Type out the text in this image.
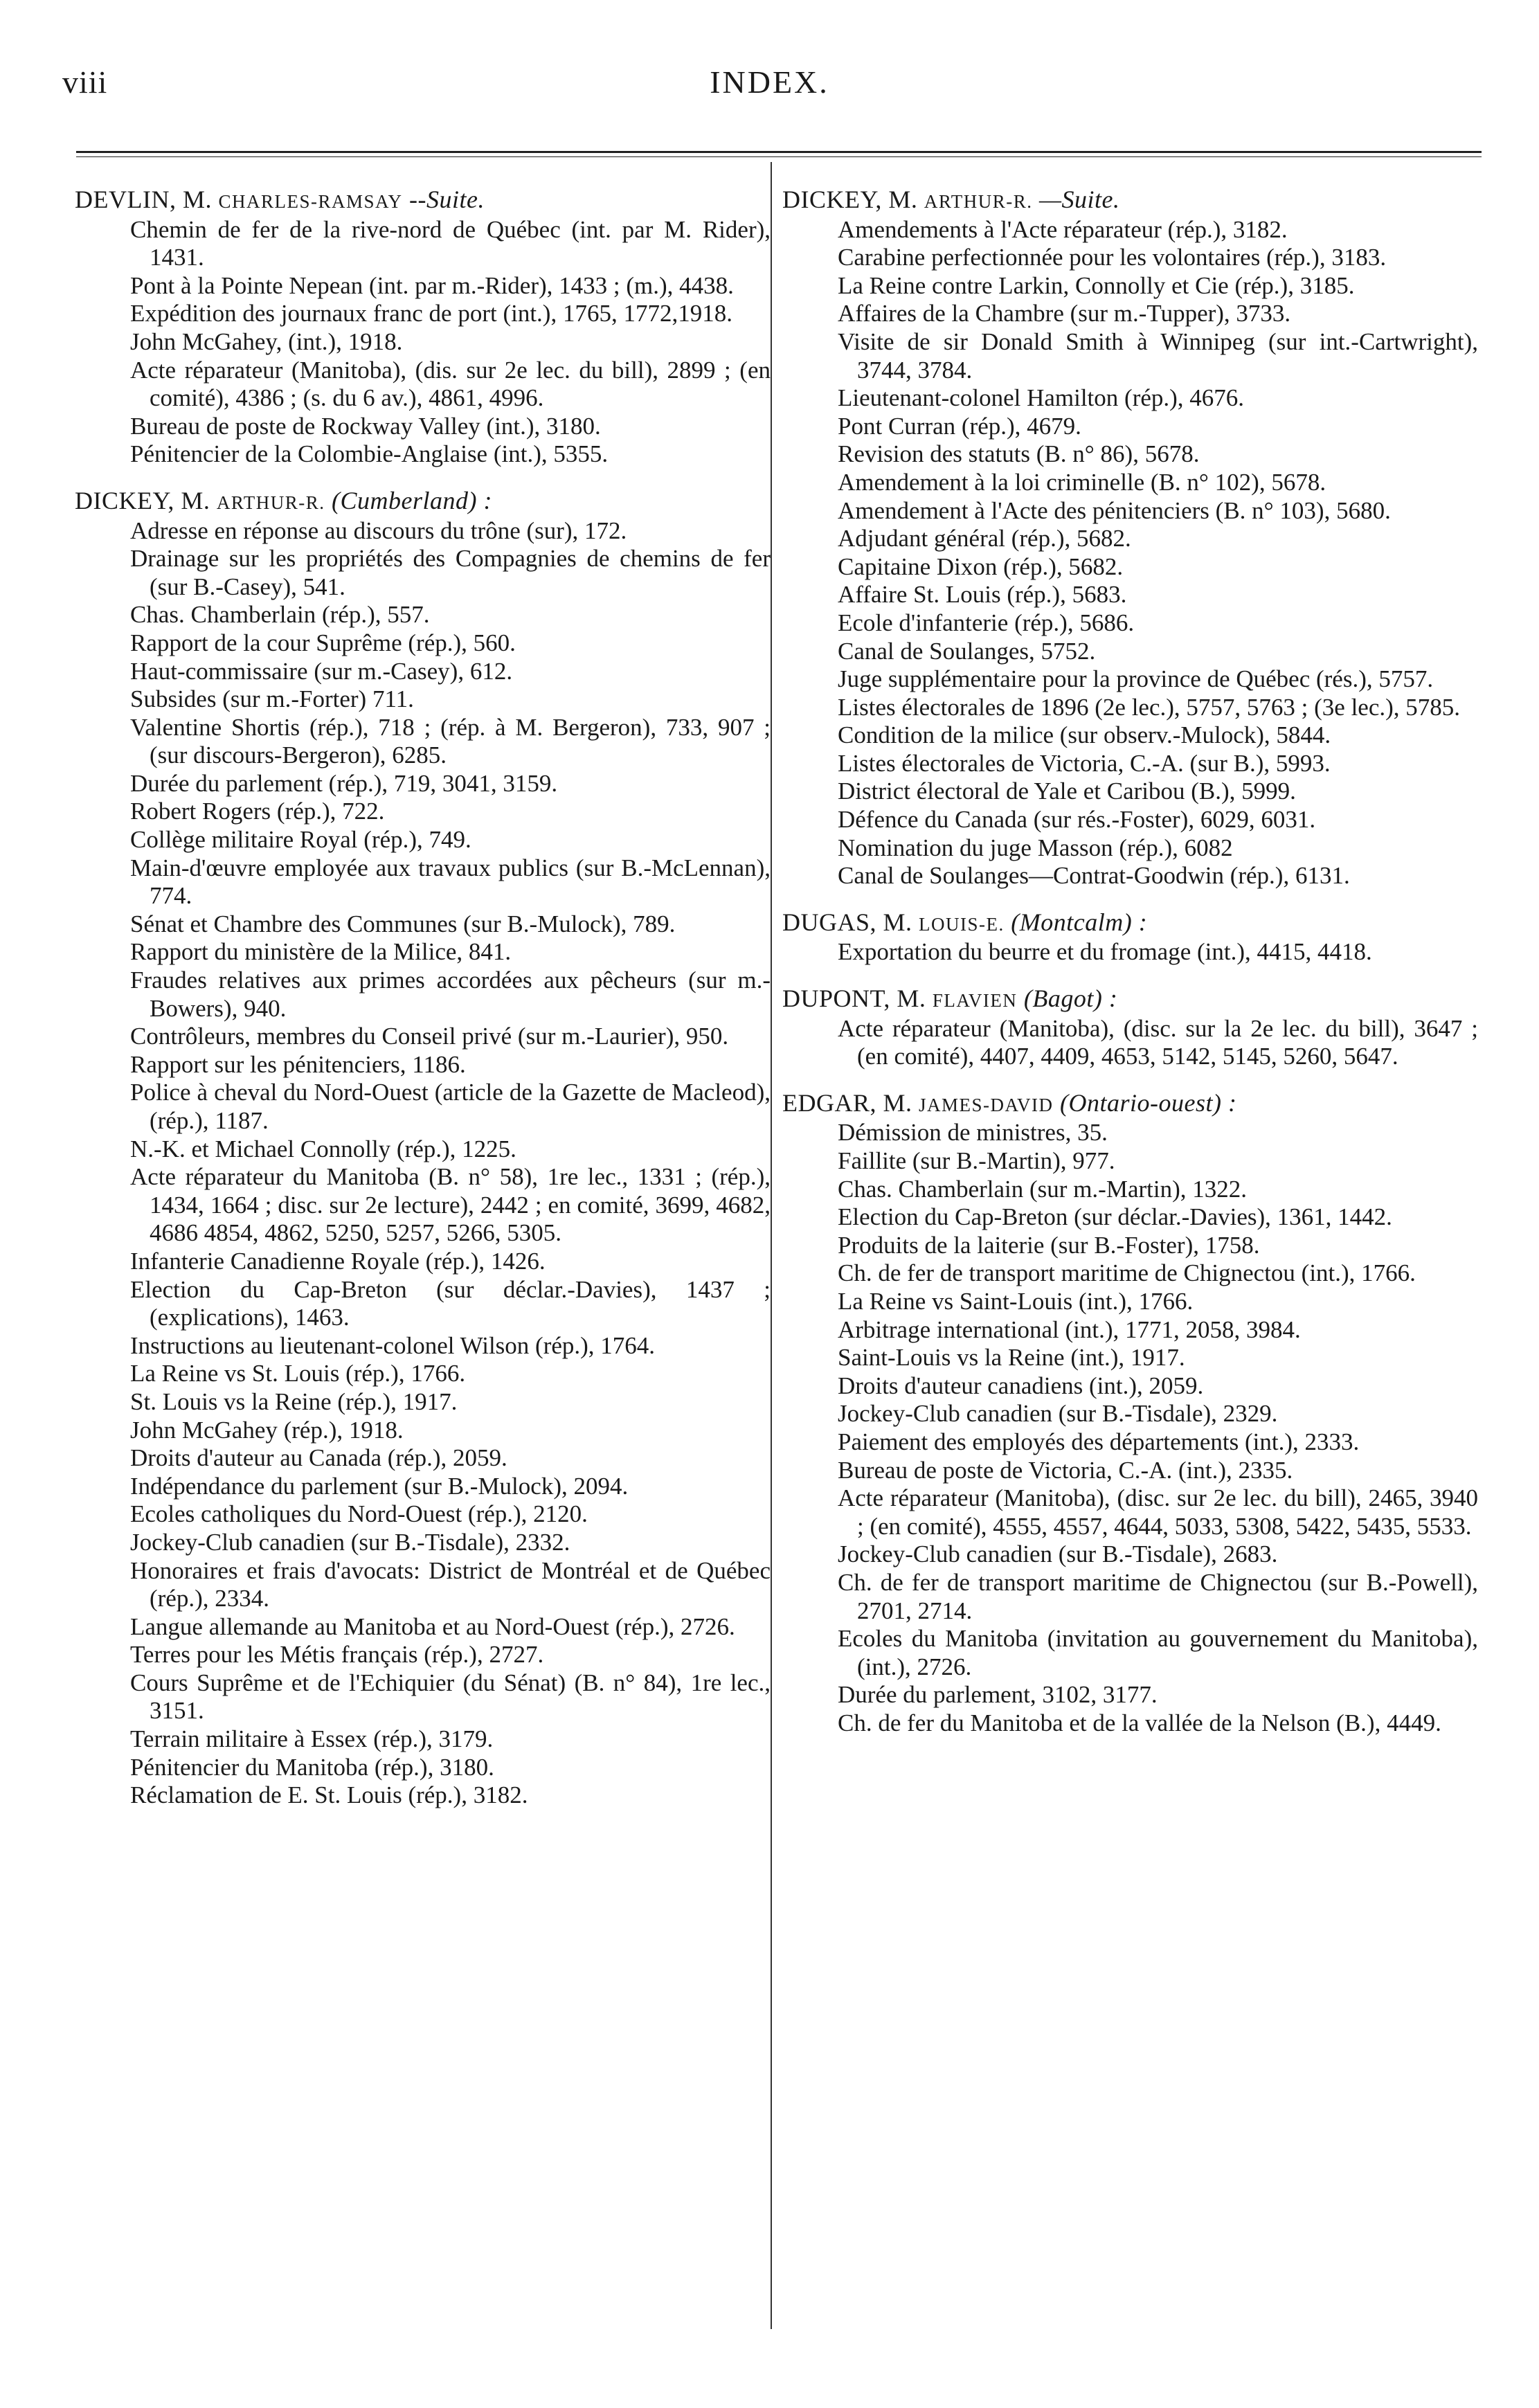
viii	INDEX.
DEVLIN, M. CHARLES-RAMSAY --Suite.
Chemin de fer de la rive-nord de Québec (int. par M. Rider), 1431.
Pont à la Pointe Nepean (int. par m.-Rider), 1433 ; (m.), 4438.
Expédition des journaux franc de port (int.), 1765, 1772,1918.
John McGahey, (int.), 1918.
Acte réparateur (Manitoba), (dis. sur 2e lec. du bill), 2899 ; (en comité), 4386 ; (s. du 6 av.), 4861, 4996.
Bureau de poste de Rockway Valley (int.), 3180.
Pénitencier de la Colombie-Anglaise (int.), 5355.
DICKEY, M. ARTHUR-R. (Cumberland) :
Adresse en réponse au discours du trône (sur), 172.
Drainage sur les propriétés des Compagnies de chemins de fer (sur B.-Casey), 541.
Chas. Chamberlain (rép.), 557.
Rapport de la cour Suprême (rép.), 560.
Haut-commissaire (sur m.-Casey), 612.
Subsides (sur m.-Forter) 711.
Valentine Shortis (rép.), 718 ; (rép. à M. Bergeron), 733, 907 ; (sur discours-Bergeron), 6285.
Durée du parlement (rép.), 719, 3041, 3159.
Robert Rogers (rép.), 722.
Collège militaire Royal (rép.), 749.
Main-d'œuvre employée aux travaux publics (sur B.-McLennan), 774.
Sénat et Chambre des Communes (sur B.-Mulock), 789.
Rapport du ministère de la Milice, 841.
Fraudes relatives aux primes accordées aux pêcheurs (sur m.-Bowers), 940.
Contrôleurs, membres du Conseil privé (sur m.-Laurier), 950.
Rapport sur les pénitenciers, 1186.
Police à cheval du Nord-Ouest (article de la Gazette de Macleod), (rép.), 1187.
N.-K. et Michael Connolly (rép.), 1225.
Acte réparateur du Manitoba (B. n° 58), 1re lec., 1331 ; (rép.), 1434, 1664 ; disc. sur 2e lecture), 2442 ; en comité, 3699, 4682, 4686 4854, 4862, 5250, 5257, 5266, 5305.
Infanterie Canadienne Royale (rép.), 1426.
Election du Cap-Breton (sur déclar.-Davies), 1437 ; (explications), 1463.
Instructions au lieutenant-colonel Wilson (rép.), 1764.
La Reine vs St. Louis (rép.), 1766.
St. Louis vs la Reine (rép.), 1917.
John McGahey (rép.), 1918.
Droits d'auteur au Canada (rép.), 2059.
Indépendance du parlement (sur B.-Mulock), 2094.
Ecoles catholiques du Nord-Ouest (rép.), 2120.
Jockey-Club canadien (sur B.-Tisdale), 2332.
Honoraires et frais d'avocats: District de Montréal et de Québec (rép.), 2334.
Langue allemande au Manitoba et au Nord-Ouest (rép.), 2726.
Terres pour les Métis français (rép.), 2727.
Cours Suprême et de l'Echiquier (du Sénat) (B. n° 84), 1re lec., 3151.
Terrain militaire à Essex (rép.), 3179.
Pénitencier du Manitoba (rép.), 3180.
Réclamation de E. St. Louis (rép.), 3182.
DICKEY, M. ARTHUR-R. —Suite.
Amendements à l'Acte réparateur (rép.), 3182.
Carabine perfectionnée pour les volontaires (rép.), 3183.
La Reine contre Larkin, Connolly et Cie (rép.), 3185.
Affaires de la Chambre (sur m.-Tupper), 3733.
Visite de sir Donald Smith à Winnipeg (sur int.-Cartwright), 3744, 3784.
Lieutenant-colonel Hamilton (rép.), 4676.
Pont Curran (rép.), 4679.
Revision des statuts (B. n° 86), 5678.
Amendement à la loi criminelle (B. n° 102), 5678.
Amendement à l'Acte des pénitenciers (B. n° 103), 5680.
Adjudant général (rép.), 5682.
Capitaine Dixon (rép.), 5682.
Affaire St. Louis (rép.), 5683.
Ecole d'infanterie (rép.), 5686.
Canal de Soulanges, 5752.
Juge supplémentaire pour la province de Québec (rés.), 5757.
Listes électorales de 1896 (2e lec.), 5757, 5763 ; (3e lec.), 5785.
Condition de la milice (sur observ.-Mulock), 5844.
Listes électorales de Victoria, C.-A. (sur B.), 5993.
District électoral de Yale et Caribou (B.), 5999.
Défence du Canada (sur rés.-Foster), 6029, 6031.
Nomination du juge Masson (rép.), 6082
Canal de Soulanges—Contrat-Goodwin (rép.), 6131.
DUGAS, M. LOUIS-E. (Montcalm) :
Exportation du beurre et du fromage (int.), 4415, 4418.
DUPONT, M. FLAVIEN (Bagot) :
Acte réparateur (Manitoba), (disc. sur la 2e lec. du bill), 3647 ; (en comité), 4407, 4409, 4653, 5142, 5145, 5260, 5647.
EDGAR, M. JAMES-DAVID (Ontario-ouest) :
Démission de ministres, 35.
Faillite (sur B.-Martin), 977.
Chas. Chamberlain (sur m.-Martin), 1322.
Election du Cap-Breton (sur déclar.-Davies), 1361, 1442.
Produits de la laiterie (sur B.-Foster), 1758.
Ch. de fer de transport maritime de Chignectou (int.), 1766.
La Reine vs Saint-Louis (int.), 1766.
Arbitrage international (int.), 1771, 2058, 3984.
Saint-Louis vs la Reine (int.), 1917.
Droits d'auteur canadiens (int.), 2059.
Jockey-Club canadien (sur B.-Tisdale), 2329.
Paiement des employés des départements (int.), 2333.
Bureau de poste de Victoria, C.-A. (int.), 2335.
Acte réparateur (Manitoba), (disc. sur 2e lec. du bill), 2465, 3940 ; (en comité), 4555, 4557, 4644, 5033, 5308, 5422, 5435, 5533.
Jockey-Club canadien (sur B.-Tisdale), 2683.
Ch. de fer de transport maritime de Chignectou (sur B.-Powell), 2701, 2714.
Ecoles du Manitoba (invitation au gouvernement du Manitoba), (int.), 2726.
Durée du parlement, 3102, 3177.
Ch. de fer du Manitoba et de la vallée de la Nelson (B.), 4449.
